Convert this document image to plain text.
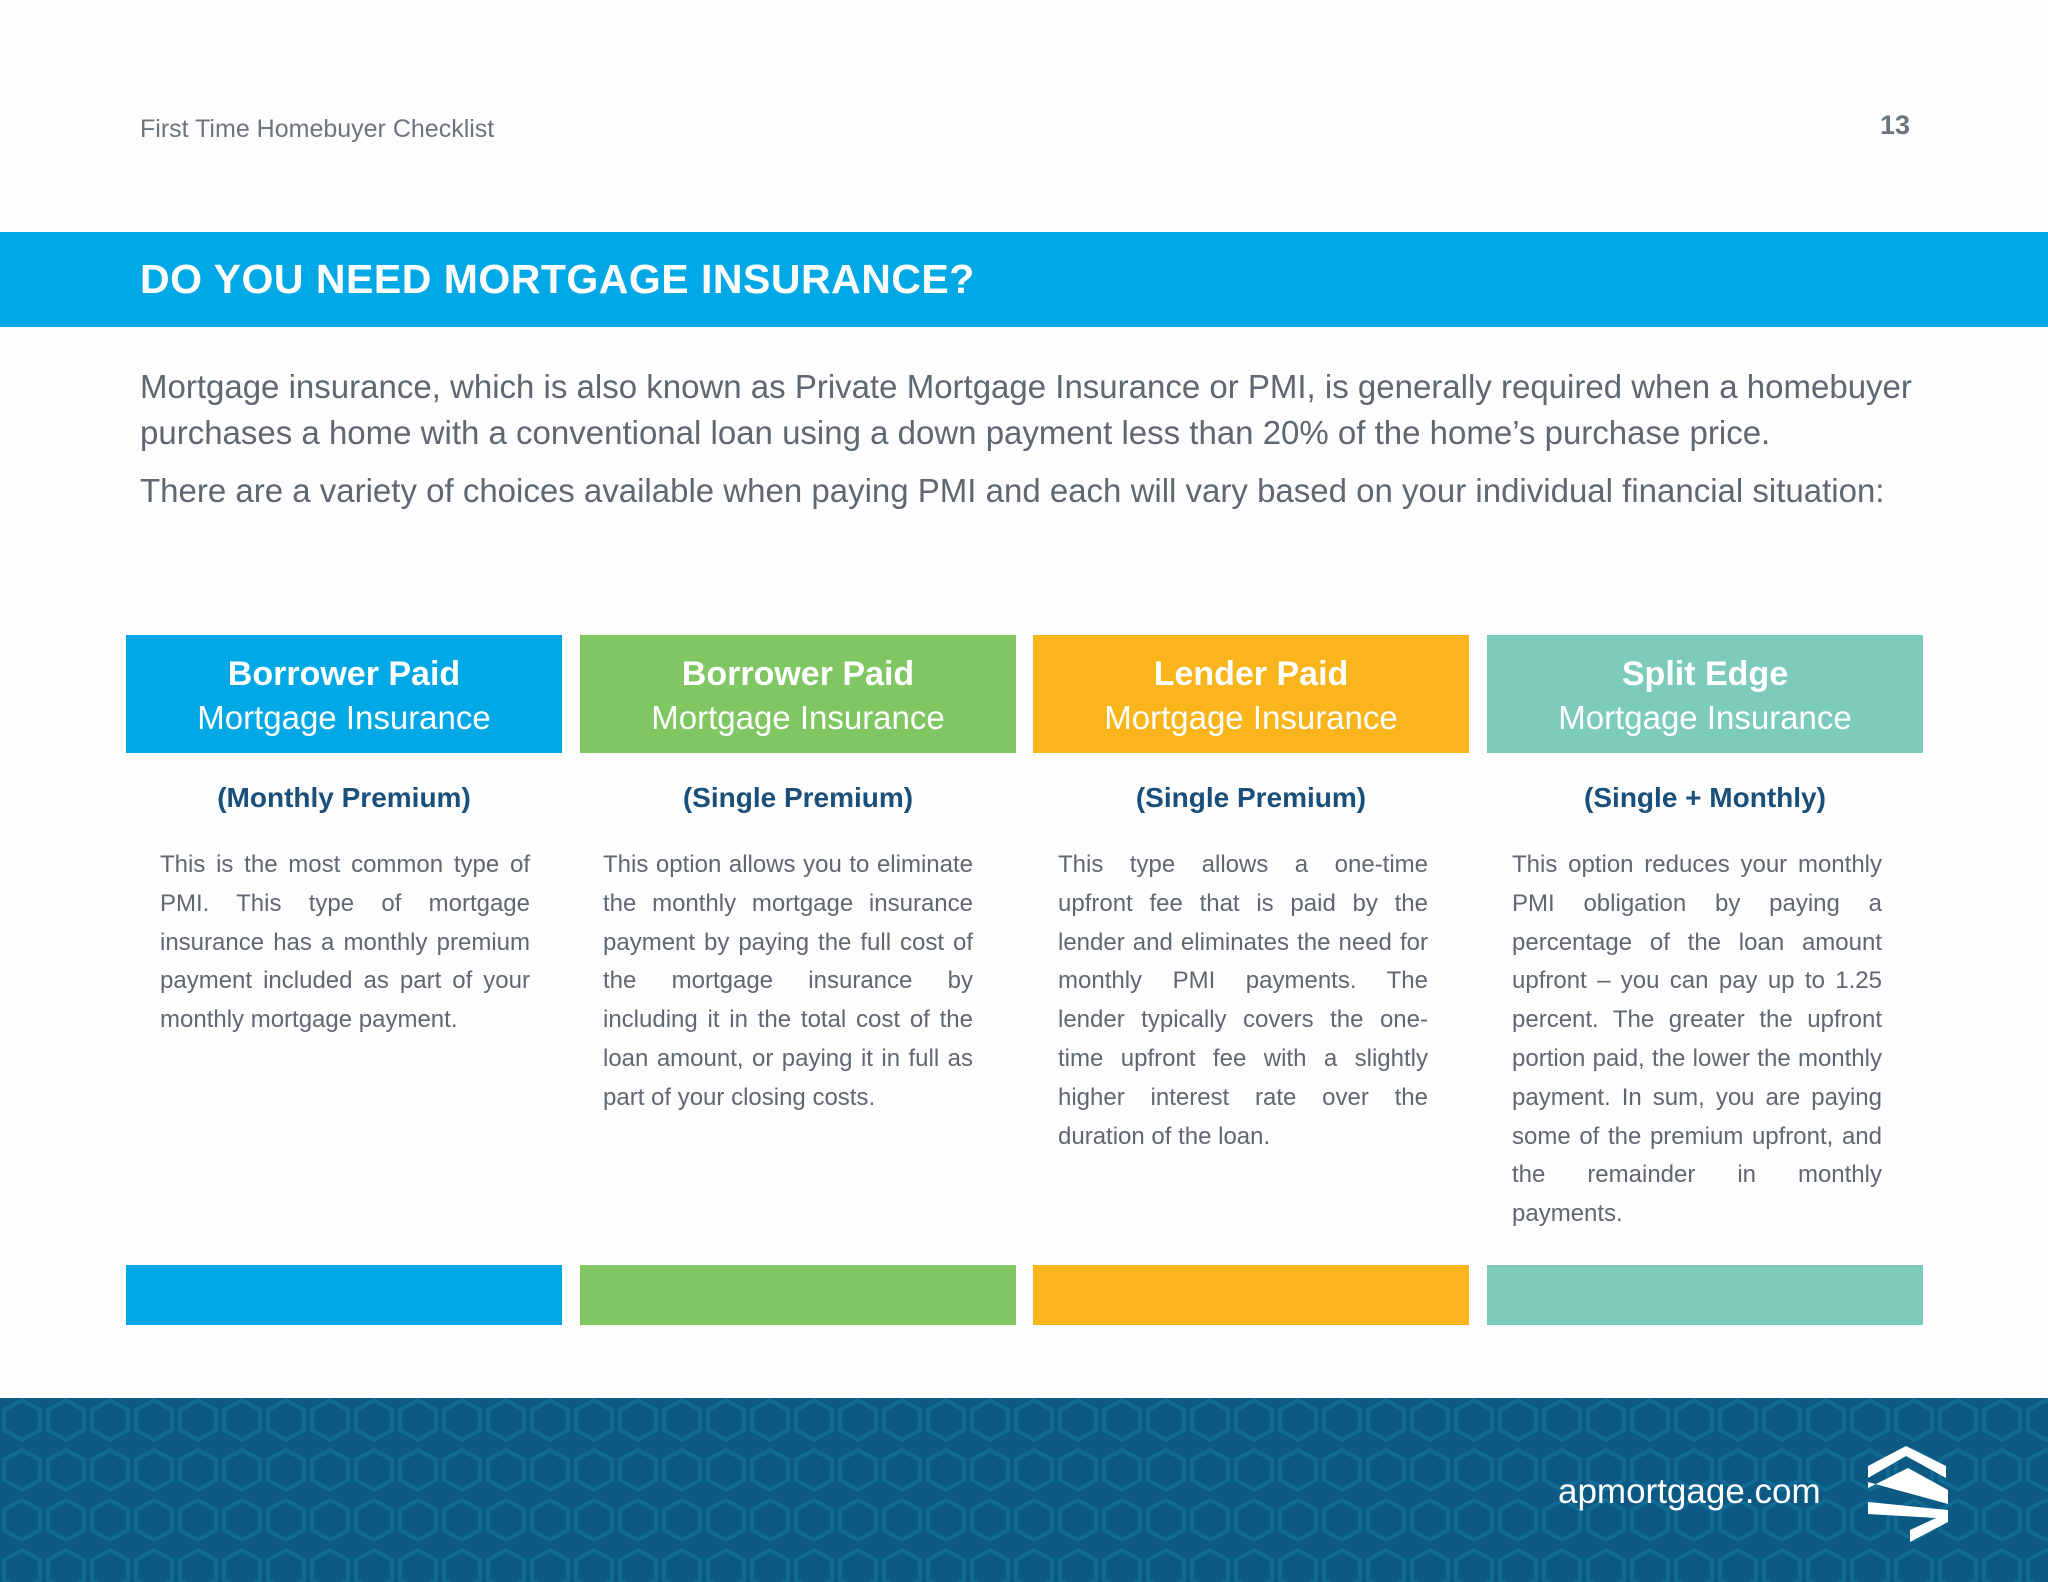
First Time Homebuyer Checklist	13
DO YOU NEED MORTGAGE INSURANCE?

Mortgage insurance, which is also known as Private Mortgage Insurance or PMI, is generally required when a homebuyer purchases a home with a conventional loan using a down payment less than 20% of the home’s purchase price.

There are a variety of choices available when paying PMI and each will vary based on your individual financial situation:

Borrower Paid
Mortgage Insurance
(Monthly Premium)

This is the most common type of PMI. This type of mortgage insurance has a monthly premium payment included as part of your monthly mortgage payment.

Borrower Paid
Mortgage Insurance
(Single Premium)

This option allows you to eliminate the monthly mortgage insurance payment by paying the full cost of the mortgage insurance by including it in the total cost of the loan amount, or paying it in full as part of your closing costs.

Lender Paid
Mortgage Insurance
(Single Premium)

This type allows a one-time upfront fee that is paid by the lender and eliminates the need for monthly PMI payments. The lender typically covers the one-time upfront fee with a slightly higher interest rate over the duration of the loan.

Split Edge
Mortgage Insurance
(Single + Monthly)

This option reduces your monthly PMI obligation by paying a percentage of the loan amount upfront – you can pay up to 1.25 percent. The greater the upfront portion paid, the lower the monthly payment. In sum, you are paying some of the premium upfront, and the remainder in monthly payments.

apmortgage.com
